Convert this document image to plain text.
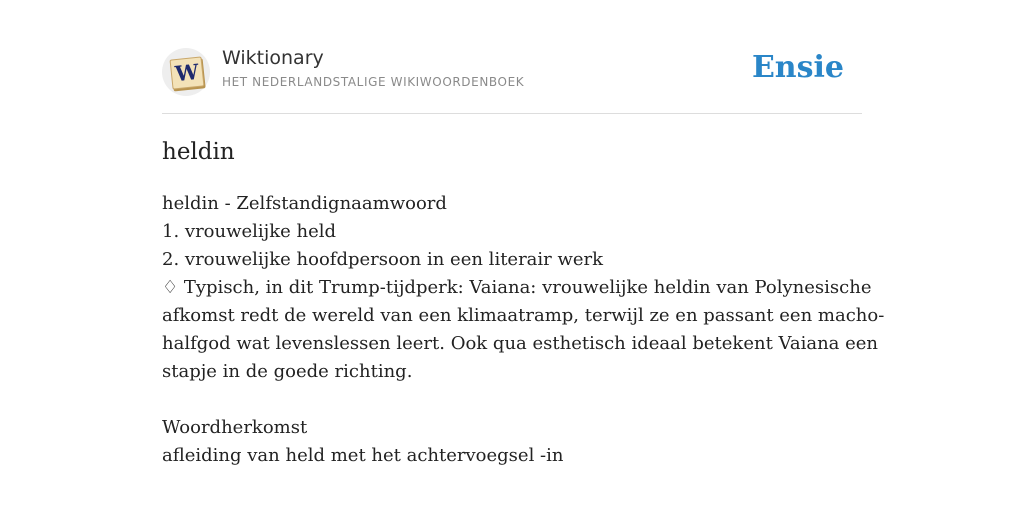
W
Wiktionary
HET NEDERLANDSTALIGE WIKIWOORDENBOEK	Ensie
heldin
heldin - Zelfstandignaamwoord
1. vrouwelijke held
2. vrouwelijke hoofdpersoon in een literair werk
♢ Typisch, in dit Trump-tijdperk: Vaiana: vrouwelijke heldin van Polynesische
afkomst redt de wereld van een klimaatramp, terwijl ze en passant een macho-
halfgod wat levenslessen leert. Ook qua esthetisch ideaal betekent Vaiana een
stapje in de goede richting.
Woordherkomst
afleiding van held met het achtervoegsel -in
